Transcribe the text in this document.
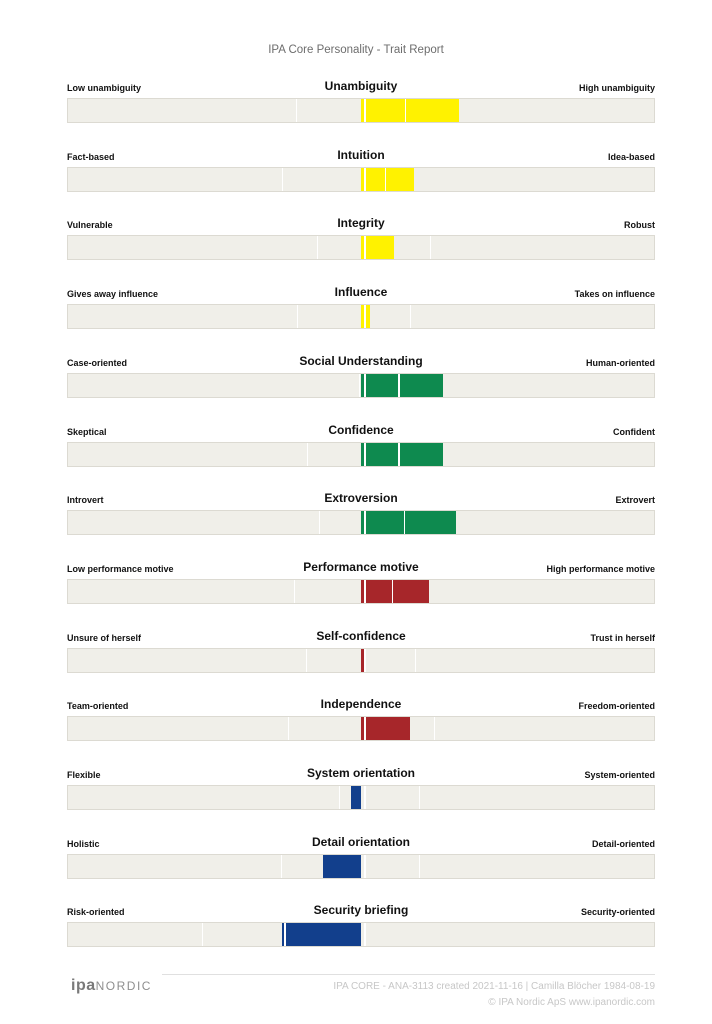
IPA Core Personality - Trait Report
Low unambiguity	Unambiguity	High unambiguity
Fact-based	Intuition	Idea-based
Vulnerable	Integrity	Robust
Gives away influence	Influence	Takes on influence
Case-oriented	Social Understanding	Human-oriented
Skeptical	Confidence	Confident
Introvert	Extroversion	Extrovert
Low performance motive	Performance motive	High performance motive
Unsure of herself	Self-confidence	Trust in herself
Team-oriented	Independence	Freedom-oriented
Flexible	System orientation	System-oriented
Holistic	Detail orientation	Detail-oriented
Risk-oriented	Security briefing	Security-oriented
ipaNORDIC	IPA CORE - ANA-3113 created 2021-11-16 | Camilla Blöcher 1984-08-19
© IPA Nordic ApS www.ipanordic.com
